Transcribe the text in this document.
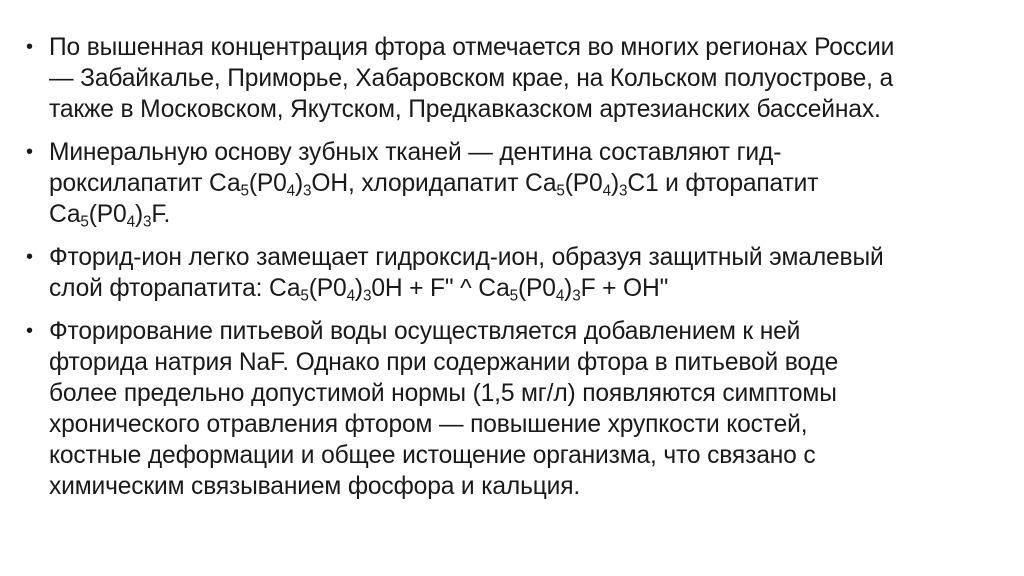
• По вышенная концентрация фтора отмечается во многих регионах России
— Забайкалье, Приморье, Хабаровском крае, на Кольском полуострове, а
также в Московском, Якутском, Предкавказском артезианских бассейнах.
• Минеральную основу зубных тканей — дентина составляют гид-
роксилапатит $Са_5(Р0_4)_3ОН$, хлоридапатит $Са_5(Р0_4)_3С1$ и фторапатит
$Са_5(Р0_4)_3F$.
• Фторид-ион легко замещает гидроксид-ион, образуя защитный эмалевый
слой фторапатита: $Са_5(Р0_4)_30Н + F$" ^ $Са_5(Р0_4)_3F$ + ОН"
• Фторирование питьевой воды осуществляется добавлением к ней
фторида натрия NaF. Однако при содержании фтора в питьевой воде
более предельно допустимой нормы (1,5 мг/л) появляются симптомы
хронического отравления фтором — повышение хрупкости костей,
костные деформации и общее истощение организма, что связано с
химическим связыванием фосфора и кальция.
